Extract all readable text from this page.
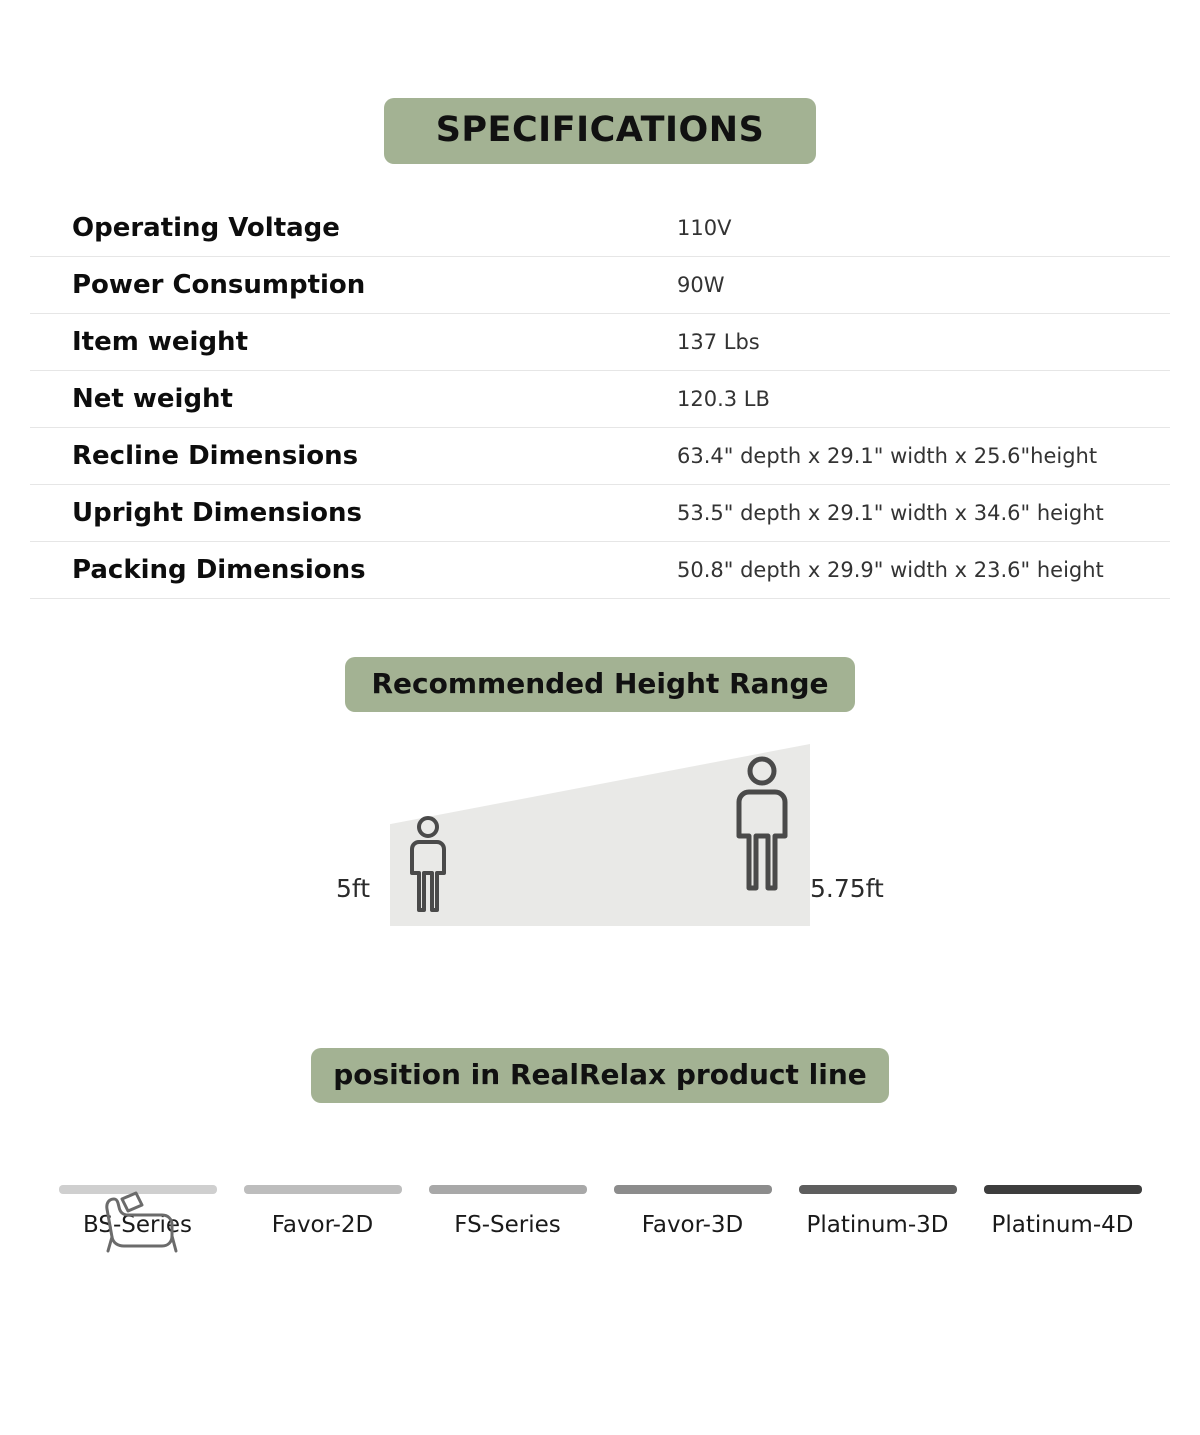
SPECIFICATIONS
Operating Voltage	110V
Power Consumption	90W
Item weight	137 Lbs
Net weight	120.3 LB
Recline Dimensions	63.4" depth x 29.1" width x 25.6"height
Upright Dimensions	53.5" depth x 29.1" width x 34.6" height
Packing Dimensions	50.8" depth x 29.9" width x 23.6" height
Recommended Height Range
5ft	5.75ft
position in RealRelax product line
BS-Series	Favor-2D	FS-Series	Favor-3D	Platinum-3D	Platinum-4D
